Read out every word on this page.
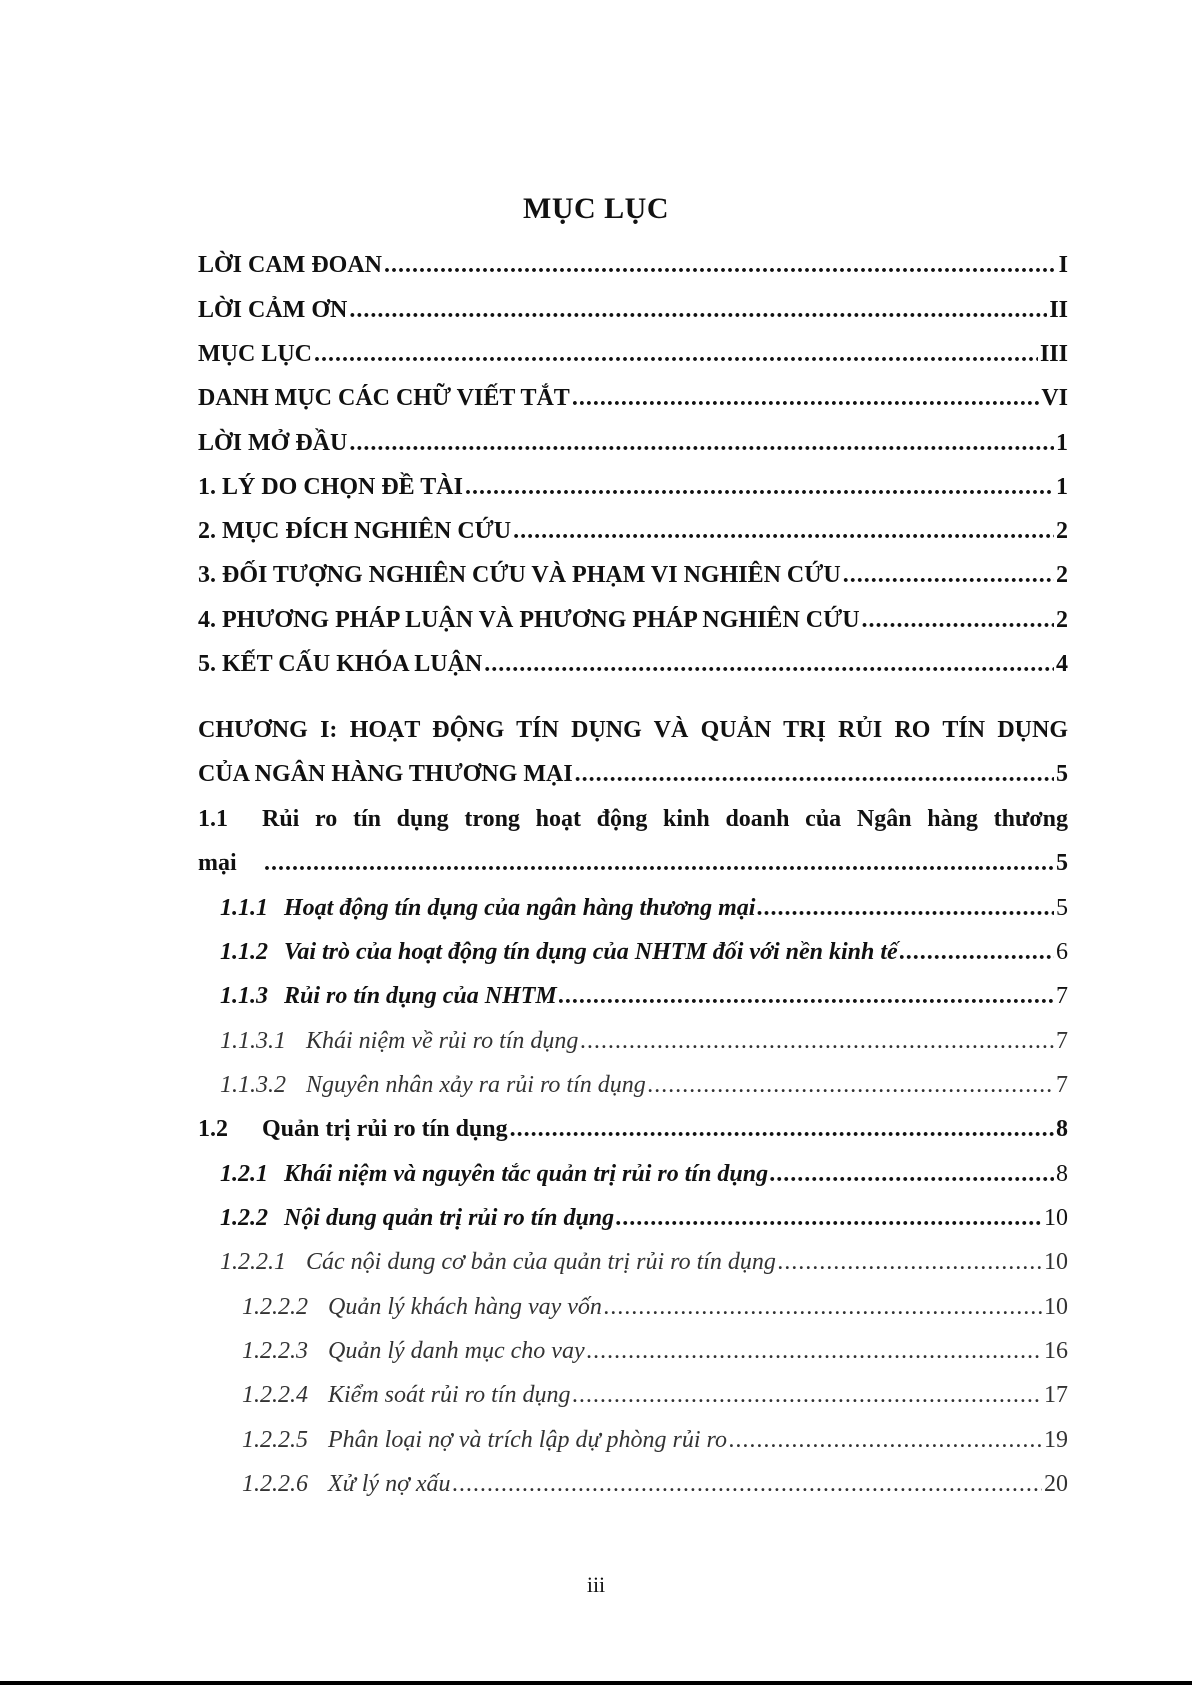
MỤC LỤC
LỜI CAM ĐOAN .....	I
LỜI CẢM ƠN .....	II
MỤC LỤC .....	III
DANH MỤC CÁC CHỮ VIẾT TẮT .....	VI
LỜI MỞ ĐẦU .....	1
1. LÝ DO CHỌN ĐỀ TÀI .....	1
2. MỤC ĐÍCH NGHIÊN CỨU .....	2
3. ĐỐI TƯỢNG NGHIÊN CỨU VÀ PHẠM VI NGHIÊN CỨU .....	2
4. PHƯƠNG PHÁP LUẬN VÀ PHƯƠNG PHÁP NGHIÊN CỨU .....	2
5. KẾT CẤU KHÓA LUẬN .....	4
CHƯƠNG I: HOẠT ĐỘNG TÍN DỤNG VÀ QUẢN TRỊ RỦI RO TÍN DỤNG
CỦA NGÂN HÀNG THƯƠNG MẠI .....	5
1.1 Rủi ro tín dụng trong hoạt động kinh doanh của Ngân hàng thương
mại .....	5
1.1.1 Hoạt động tín dụng của ngân hàng thương mại .....	5
1.1.2 Vai trò của hoạt động tín dụng của NHTM đối với nền kinh tế .....	6
1.1.3 Rủi ro tín dụng của NHTM .....	7
1.1.3.1 Khái niệm về rủi ro tín dụng .....	7
1.1.3.2 Nguyên nhân xảy ra rủi ro tín dụng .....	7
1.2 Quản trị rủi ro tín dụng .....	8
1.2.1 Khái niệm và nguyên tắc quản trị rủi ro tín dụng .....	8
1.2.2 Nội dung quản trị rủi ro tín dụng .....	10
1.2.2.1 Các nội dung cơ bản của quản trị rủi ro tín dụng .....	10
1.2.2.2 Quản lý khách hàng vay vốn .....	10
1.2.2.3 Quản lý danh mục cho vay .....	16
1.2.2.4 Kiểm soát rủi ro tín dụng .....	17
1.2.2.5 Phân loại nợ và trích lập dự phòng rủi ro .....	19
1.2.2.6 Xử lý nợ xấu .....	20
iii
